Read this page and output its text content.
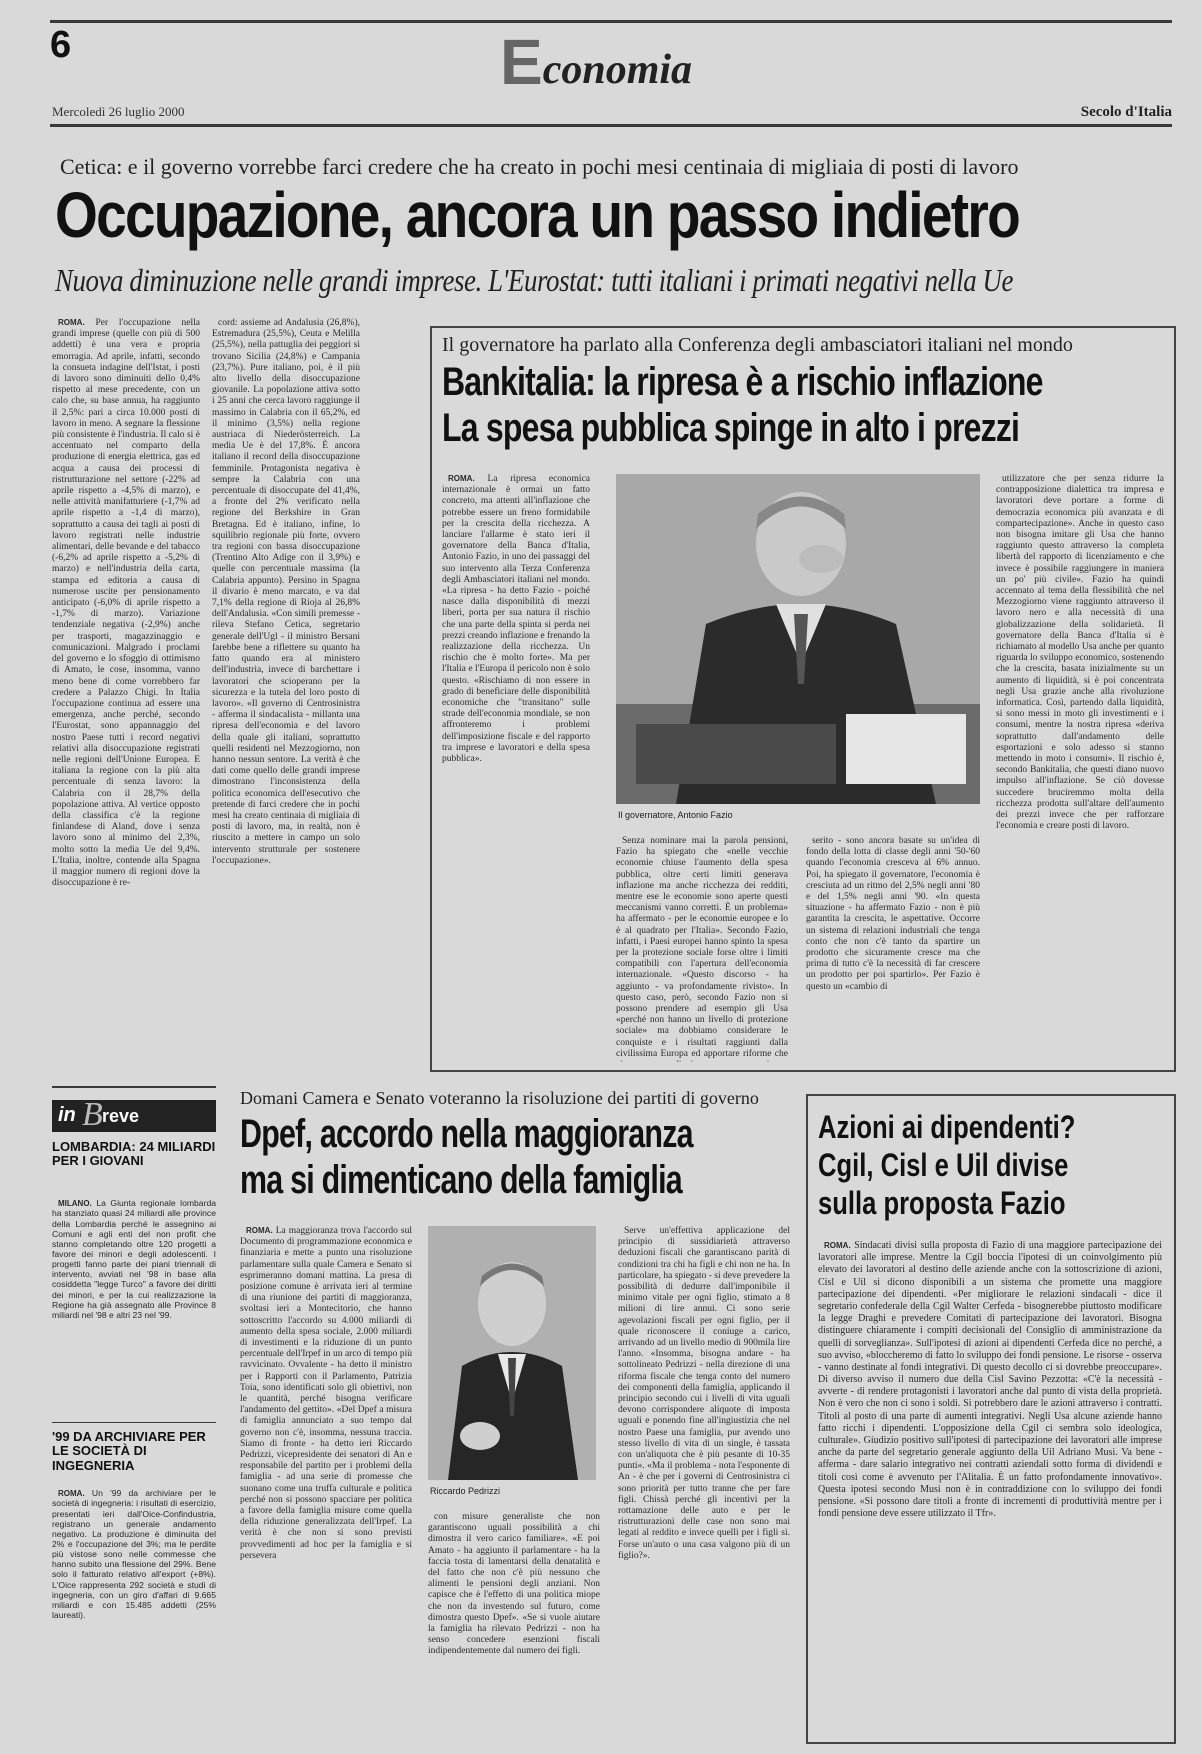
6	Economia
Mercoledì 26 luglio 2000	Secolo d'Italia
Cetica: e il governo vorrebbe farci credere che ha creato in pochi mesi centinaia di migliaia di posti di lavoro
Occupazione, ancora un passo indietro
Nuova diminuzione nelle grandi imprese. L'Eurostat: tutti italiani i primati negativi nella Ue

ROMA. Per l'occupazione nella grandi imprese (quelle con più di 500 addetti) è una vera e propria emorragia. Ad aprile, infatti, secondo la consueta indagine dell'Istat, i posti di lavoro sono diminuiti dello 0,4% rispetto al mese precedente, con un calo che, su base annua, ha raggiunto il 2,5%: pari a circa 10.000 posti di lavoro in meno. A segnare la flessione più consistente è l'industria. Il calo si è accentuato nel comparto della produzione di energia elettrica, gas ed acqua a causa dei processi di ristrutturazione nel settore (-22% ad aprile rispetto a -4,5% di marzo), e nelle attività manifatturiere (-1,7% ad aprile rispetto a -1,4 di marzo), soprattutto a causa dei tagli ai posti di lavoro registrati nelle industrie alimentari, delle bevande e del tabacco (-6,2% ad aprile rispetto a -5,2% di marzo) e nell'industria della carta, stampa ed editoria a causa di numerose uscite per pensionamento anticipato (-6,0% di aprile rispetto a -1,7% di marzo). Variazione tendenziale negativa (-2,9%) anche per trasporti, magazzinaggio e comunicazioni. Malgrado i proclami del governo e lo sfoggio di ottimismo di Amato, le cose, insomma, vanno meno bene di come vorrebbero far credere a Palazzo Chigi. In Italia l'occupazione continua ad essere una emergenza, anche perché, secondo l'Eurostat, sono appannaggio del nostro Paese tutti i record negativi relativi alla disoccupazione registrati nelle regioni dell'Unione Europea. E italiana la regione con la più alta percentuale di senza lavoro: la Calabria con il 28,7% della popolazione attiva. Al vertice opposto della classifica c'è la regione finlandese di Aland, dove i senza lavoro sono al minimo del 2,3%, molto sotto la media Ue del 9,4%. L'Italia, inoltre, contende alla Spagna il maggior numero di regioni dove la disoccupazione è re-

cord: assieme ad Andalusia (26,8%), Estremadura (25,5%), Ceuta e Melilla (25,5%), nella pattuglia dei peggiori si trovano Sicilia (24,8%) e Campania (23,7%). Pure italiano, poi, è il più alto livello della disoccupazione giovanile. La popolazione attiva sotto i 25 anni che cerca lavoro raggiunge il massimo in Calabria con il 65,2%, ed il minimo (3,5%) nella regione austriaca di Niederösterreich. La media Ue è del 17,8%. È ancora italiano il record della disoccupazione femminile. Protagonista negativa è sempre la Calabria con una percentuale di disoccupate del 41,4%, a fronte del 2% verificato nella regione del Berkshire in Gran Bretagna. Ed è italiano, infine, lo squilibrio regionale più forte, ovvero tra regioni con bassa disoccupazione (Trentino Alto Adige con il 3,9%) e quelle con percentuale massima (la Calabria appunto). Persino in Spagna il divario è meno marcato, e va dal 7,1% della regione di Rioja al 26,8% dell'Andalusia. «Con simili premesse - rileva Stefano Cetica, segretario generale dell'Ugl - il ministro Bersani farebbe bene a riflettere su quanto ha fatto quando era al ministero dell'industria, invece di barchettare i lavoratori che scioperano per la sicurezza e la tutela del loro posto di lavoro». «Il governo di Centrosinistra - afferma il sindacalista - millanta una ripresa dell'economia e del lavoro della quale gli italiani, soprattutto quelli residenti nel Mezzogiorno, non hanno nessun sentore. La verità è che dati come quello delle grandi imprese dimostrano l'inconsistenza della politica economica dell'esecutivo che pretende di farci credere che in pochi mesi ha creato centinaia di migliaia di posti di lavoro, ma, in realtà, non è riuscito a mettere in campo un solo intervento strutturale per sostenere l'occupazione».

Il governatore ha parlato alla Conferenza degli ambasciatori italiani nel mondo
Bankitalia: la ripresa è a rischio inflazione
La spesa pubblica spinge in alto i prezzi

ROMA. La ripresa economica internazionale è ormai un fatto concreto, ma attenti all'inflazione che potrebbe essere un freno formidabile per la crescita della ricchezza. A lanciare l'allarme è stato ieri il governatore della Banca d'Italia, Antonio Fazio, in uno dei passaggi del suo intervento alla Terza Conferenza degli Ambasciatori italiani nel mondo. «La ripresa - ha detto Fazio - poiché nasce dalla disponibilità di mezzi liberi, porta per sua natura il rischio che una parte della spinta si perda nei prezzi creando inflazione e frenando la realizzazione della ricchezza. Un rischio che è molto forte». Ma per l'Italia e l'Europa il pericolo non è solo questo. «Rischiamo di non essere in grado di beneficiare delle disponibilità economiche che "transitano" sulle strade dell'economia mondiale, se non affronteremo i problemi dell'imposizione fiscale e del rapporto tra imprese e lavoratori e della spesa pubblica».

Il governatore, Antonio Fazio

utilizzatore che per senza ridurre la contrapposizione dialettica tra impresa e lavoratori deve portare a forme di democrazia economica più avanzata e di compartecipazione». Anche in questo caso non bisogna imitare gli Usa che hanno raggiunto questo attraverso la completa libertà del rapporto di licenziamento e che invece è possibile raggiungere in maniera un po' più civile». Fazio ha quindi accennato al tema della flessibilità che nel Mezzogiorno viene raggiunto attraverso il lavoro nero e alla necessità di una globalizzazione della solidarietà. Il governatore della Banca d'Italia si è richiamato al modello Usa anche per quanto riguarda lo sviluppo economico, sostenendo che la crescita, basata inizialmente su un aumento di liquidità, si è poi concentrata negli Usa grazie anche alla rivoluzione informatica. Così, partendo dalla liquidità, si sono messi in moto gli investimenti e i consumi, mentre la nostra ripresa «deriva soprattutto dall'andamento delle esportazioni e solo adesso si stanno mettendo in moto i consumi». Il rischio è, secondo Bankitalia, che questi diano nuovo impulso all'inflazione. Se ciò dovesse succedere bruciremmo molta della ricchezza prodotta sull'altare dell'aumento dei prezzi invece che per rafforzare l'economia e creare posti di lavoro.

Senza nominare mai la parola pensioni, Fazio ha spiegato che «nelle vecchie economie chiuse l'aumento della spesa pubblica, oltre certi limiti generava inflazione ma anche ricchezza dei redditi, mentre ese le economie sono aperte questi meccanismi vanno corretti. È un problema» ha affermato - per le economie europee e lo è al quadrato per l'Italia». Secondo Fazio, infatti, i Paesi europei hanno spinto la spesa per la protezione sociale forse oltre i limiti compatibili con l'apertura dell'economia internazionale. «Questo discorso - ha aggiunto - va profondamente rivisto». In questo caso, però, secondo Fazio non si possono prendere ad esempio gli Usa «perché non hanno un livello di protezione sociale» ma dobbiamo considerare le conquiste e i risultati raggiunti dalla civilissima Europa ed apportare riforme che

serito - sono ancora basate su un'idea di fondo della lotta di classe degli anni '50-'60 quando l'economia cresceva al 6% annuo. Poi, ha spiegato il governatore, l'economia è cresciuta ad un ritmo del 2,5% negli anni '80 e del 1,5% negli anni '90. «In questa situazione - ha affermato Fazio - non è più garantita la crescita, le aspettative. Occorre un sistema di relazioni industriali che tenga conto che non c'è tanto da spartire un prodotto che sicuramente cresce ma che prima di tutto c'è la necessità di far crescere un prodotto per poi spartirlo». Per Fazio è questo un «cambio di

in B reve
LOMBARDIA: 24 MILIARDI PER I GIOVANI

MILANO. La Giunta regionale lombarda ha stanziato quasi 24 miliardi alle province della Lombardia perché le assegnino ai Comuni e agli enti del non profit che stanno completando oltre 120 progetti a favore dei minori e degli adolescenti. I progetti fanno parte dei piani triennali di intervento, avviati nel '98 in base alla cosiddetta "legge Turco" a favore dei diritti dei minori, e per la cui realizzazione la Regione ha già assegnato alle Province 8 miliardi nel '98 e altri 23 nel '99.

'99 DA ARCHIVIARE PER LE SOCIETÀ DI INGEGNERIA

ROMA. Un '99 da archiviare per le società di ingegneria: i risultati di esercizio, presentati ieri dall'Oice-Confindustria, registrano un generale andamento negativo. La produzione è diminuita del 2% e l'occupazione del 3%; ma le perdite più vistose sono nelle commesse che hanno subito una flessione del 29%. Bene solo il fatturato relativo all'export (+8%). L'Oice rappresenta 292 società e studi di ingegneria, con un giro d'affari di 9.665 miliardi e con 15.485 addetti (25% laureati).

Domani Camera e Senato voteranno la risoluzione dei partiti di governo
Dpef, accordo nella maggioranza
ma si dimenticano della famiglia

ROMA. La maggioranza trova l'accordo sul Documento di programmazione economica e finanziaria e mette a punto una risoluzione parlamentare sulla quale Camera e Senato si esprimeranno domani mattina. La presa di posizione comune è arrivata ieri al termine di una riunione dei partiti di maggioranza, svoltasi ieri a Montecitorio, che hanno sottoscritto l'accordo su 4.000 miliardi di aumento della spesa sociale, 2.000 miliardi di investimenti e la riduzione di un punto percentuale dell'Irpef in un arco di tempo più ravvicinato. Ovvalente - ha detto il ministro per i Rapporti con il Parlamento, Patrizia Toia, sono identificati solo gli obiettivi, non le quantità, perché bisogna verificare l'andamento del gettito». «Del Dpef a misura di famiglia annunciato a suo tempo dal governo non c'è, insomma, nessuna traccia. Siamo di fronte - ha detto ieri Riccardo Pedrizzi, vicepresidente dei senatori di An e responsabile del partito per i problemi della famiglia - ad una serie di promesse che suonano come una truffa culturale e politica perché non si possono spacciare per politica a favore della famiglia misure come quella della riduzione generalizzata dell'Irpef. La verità è che non si sono previsti provvedimenti ad hoc per la famiglia e si persevera

Riccardo Pedrizzi

Serve un'effettiva applicazione del principio di sussidiarietà attraverso deduzioni fiscali che garantiscano parità di condizioni tra chi ha figli e chi non ne ha. In particolare, ha spiegato - si deve prevedere la possibilità di dedurre dall'imponibile il minimo vitale per ogni figlio, stimato a 8 milioni di lire annui. Ci sono serie agevolazioni fiscali per ogni figlio, per il quale riconoscere il coniuge a carico, arrivando ad un livello medio di 900mila lire l'anno. «Insomma, bisogna andare - ha sottolineato Pedrizzi - nella direzione di una riforma fiscale che tenga conto del numero dei componenti della famiglia, applicando il principio secondo cui i livelli di vita uguali devono corrispondere aliquote di imposta uguali e ponendo fine all'ingiustizia che nel nostro Paese una famiglia, pur avendo uno stesso livello di vita di un single, è tassata con un'aliquota che è più pesante di 10-35 punti». «Ma il problema - nota l'esponente di An - è che per i governi di Centrosinistra ci sono priorità per tutto tranne che per fare figli. Chissà perché gli incentivi per la rottamazione delle auto e per le ristrutturazioni delle case non sono mai legati al reddito e invece quelli per i figli sì. Forse un'auto o una casa valgono più di un figlio?».

con misure generaliste che non garantiscono uguali possibilità a chi dimostra il vero carico familiare». «E poi Amato - ha aggiunto il parlamentare - ha la faccia tosta di lamentarsi della denatalità e del fatto che non c'è più nessuno che alimenti le pensioni degli anziani. Non capisce che è l'effetto di una politica miope che non da investendo sul futuro, come dimostra questo Dpef». «Se si vuole aiutare la famiglia ha rilevato Pedrizzi - non ha senso concedere esenzioni fiscali indipendentemente dal numero dei figli.

Azioni ai dipendenti?
Cgil, Cisl e Uil divise
sulla proposta Fazio

ROMA. Sindacati divisi sulla proposta di Fazio di una maggiore partecipazione dei lavoratori alle imprese. Mentre la Cgil boccia l'ipotesi di un coinvolgimento più elevato dei lavoratori al destino delle aziende anche con la sottoscrizione di azioni, Cisl e Uil si dicono disponibili a un sistema che promette una maggiore partecipazione dei dipendenti. «Per migliorare le relazioni sindacali - dice il segretario confederale della Cgil Walter Cerfeda - bisognerebbe piuttosto modificare la legge Draghi e prevedere Comitati di partecipazione dei lavoratori. Bisogna distinguere chiaramente i compiti decisionali del Consiglio di amministrazione da quelli di sorveglianza». Sull'ipotesi di azioni ai dipendenti Cerfeda dice no perché, a suo avviso, «bloccheremo di fatto lo sviluppo dei fondi pensione. Le risorse - osserva - vanno destinate al fondi integrativi. Di questo decollo ci si dovrebbe preoccupare». Di diverso avviso il numero due della Cisl Savino Pezzotta: «C'è la necessità - avverte - di rendere protagonisti i lavoratori anche dal punto di vista della proprietà. Non è vero che non ci sono i soldi. Si potrebbero dare le azioni attraverso i contratti. Titoli al posto di una parte di aumenti integrativi. Negli Usa alcune aziende hanno fatto ricchi i dipendenti. L'opposizione della Cgil ci sembra solo ideologica, culturale». Giudizio positivo sull'ipotesi di partecipazione dei lavoratori alle imprese anche da parte del segretario generale aggiunto della Uil Adriano Musi. Va bene - afferma - dare salario integrativo nei contratti aziendali sotto forma di dividendi e titoli così come è avvenuto per l'Alitalia. È un fatto profondamente innovativo». Questa ipotesi secondo Musi non è in contraddizione con lo sviluppo dei fondi pensione. «Si possono dare titoli a fronte di incrementi di produttività mentre per i fondi pensione deve essere utilizzato il Tfr».
